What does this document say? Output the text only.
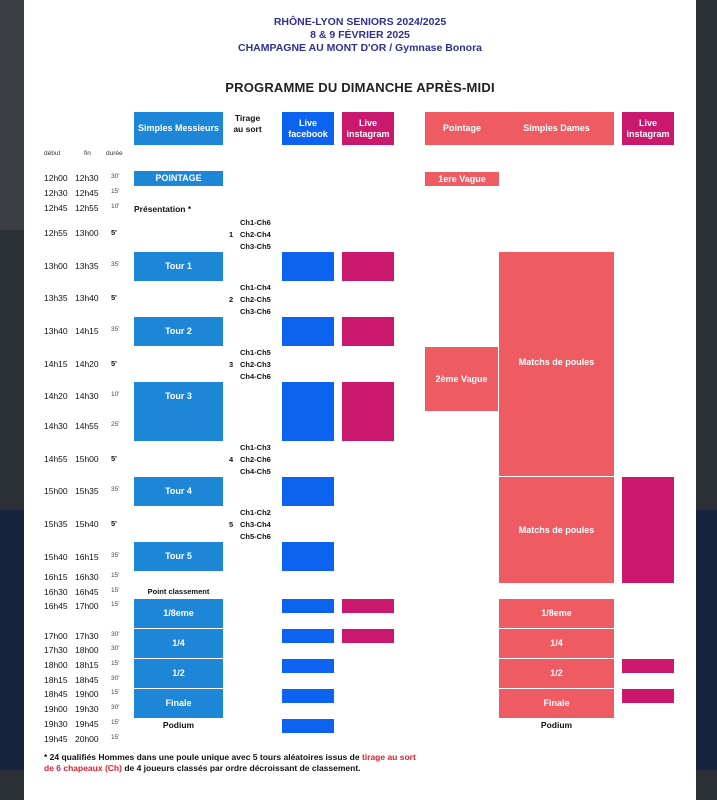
RHÔNE-LYON SENIORS 2024/2025
8 & 9 FÉVRIER 2025
CHAMPAGNE AU MONT D'OR / Gymnase Bonora
PROGRAMME DU DIMANCHE APRÈS-MIDI
début	fin durée
Simples Messieurs
Tirage au sort
Live facebook
Live instagram
Pointage	Simples Dames
Live instagram
12h00 12h30 30'
12h30 12h45 15'
12h45 12h55 10'
12h55 13h00 5'
13h00 13h35 35'
13h35 13h40 5'
13h40 14h15 35'
14h15 14h20 5'
14h20 14h30 10'
14h30 14h55 25'
14h55 15h00 5'
15h00 15h35 35'
15h35 15h40 5'
15h40 16h15 35'
16h15 16h30 15'
16h30 16h45 15'
16h45 17h00 15'
17h00 17h30 30'
17h30 18h00 30'
18h00 18h15 15'
18h15 18h45 30'
18h45 19h00 15'
19h00 19h30 30'
19h30 19h45 15'
19h45 20h00 15'
POINTAGE
Présentation *
Tour 1
Tour 2
Tour 3
Tour 4
Tour 5
Point classement
1/8eme
1/4
1/2
Finale
Podium
1
Ch1-Ch6
Ch2-Ch4
Ch3-Ch5
2
Ch1-Ch4
Ch2-Ch5
Ch3-Ch6
3
Ch1-Ch5
Ch2-Ch3
Ch4-Ch6
4
Ch1-Ch3
Ch2-Ch6
Ch4-Ch5
5
Ch1-Ch2
Ch3-Ch4
Ch5-Ch6
1ere Vague
2ème Vague
Matchs de poules
Matchs de poules
1/8eme
1/4
1/2
Finale
Podium
* 24 qualifiés Hommes dans une poule unique avec 5 tours aléatoires issus de tirage au sort de 6 chapeaux (Ch) de 4 joueurs classés par ordre décroissant de classement.
